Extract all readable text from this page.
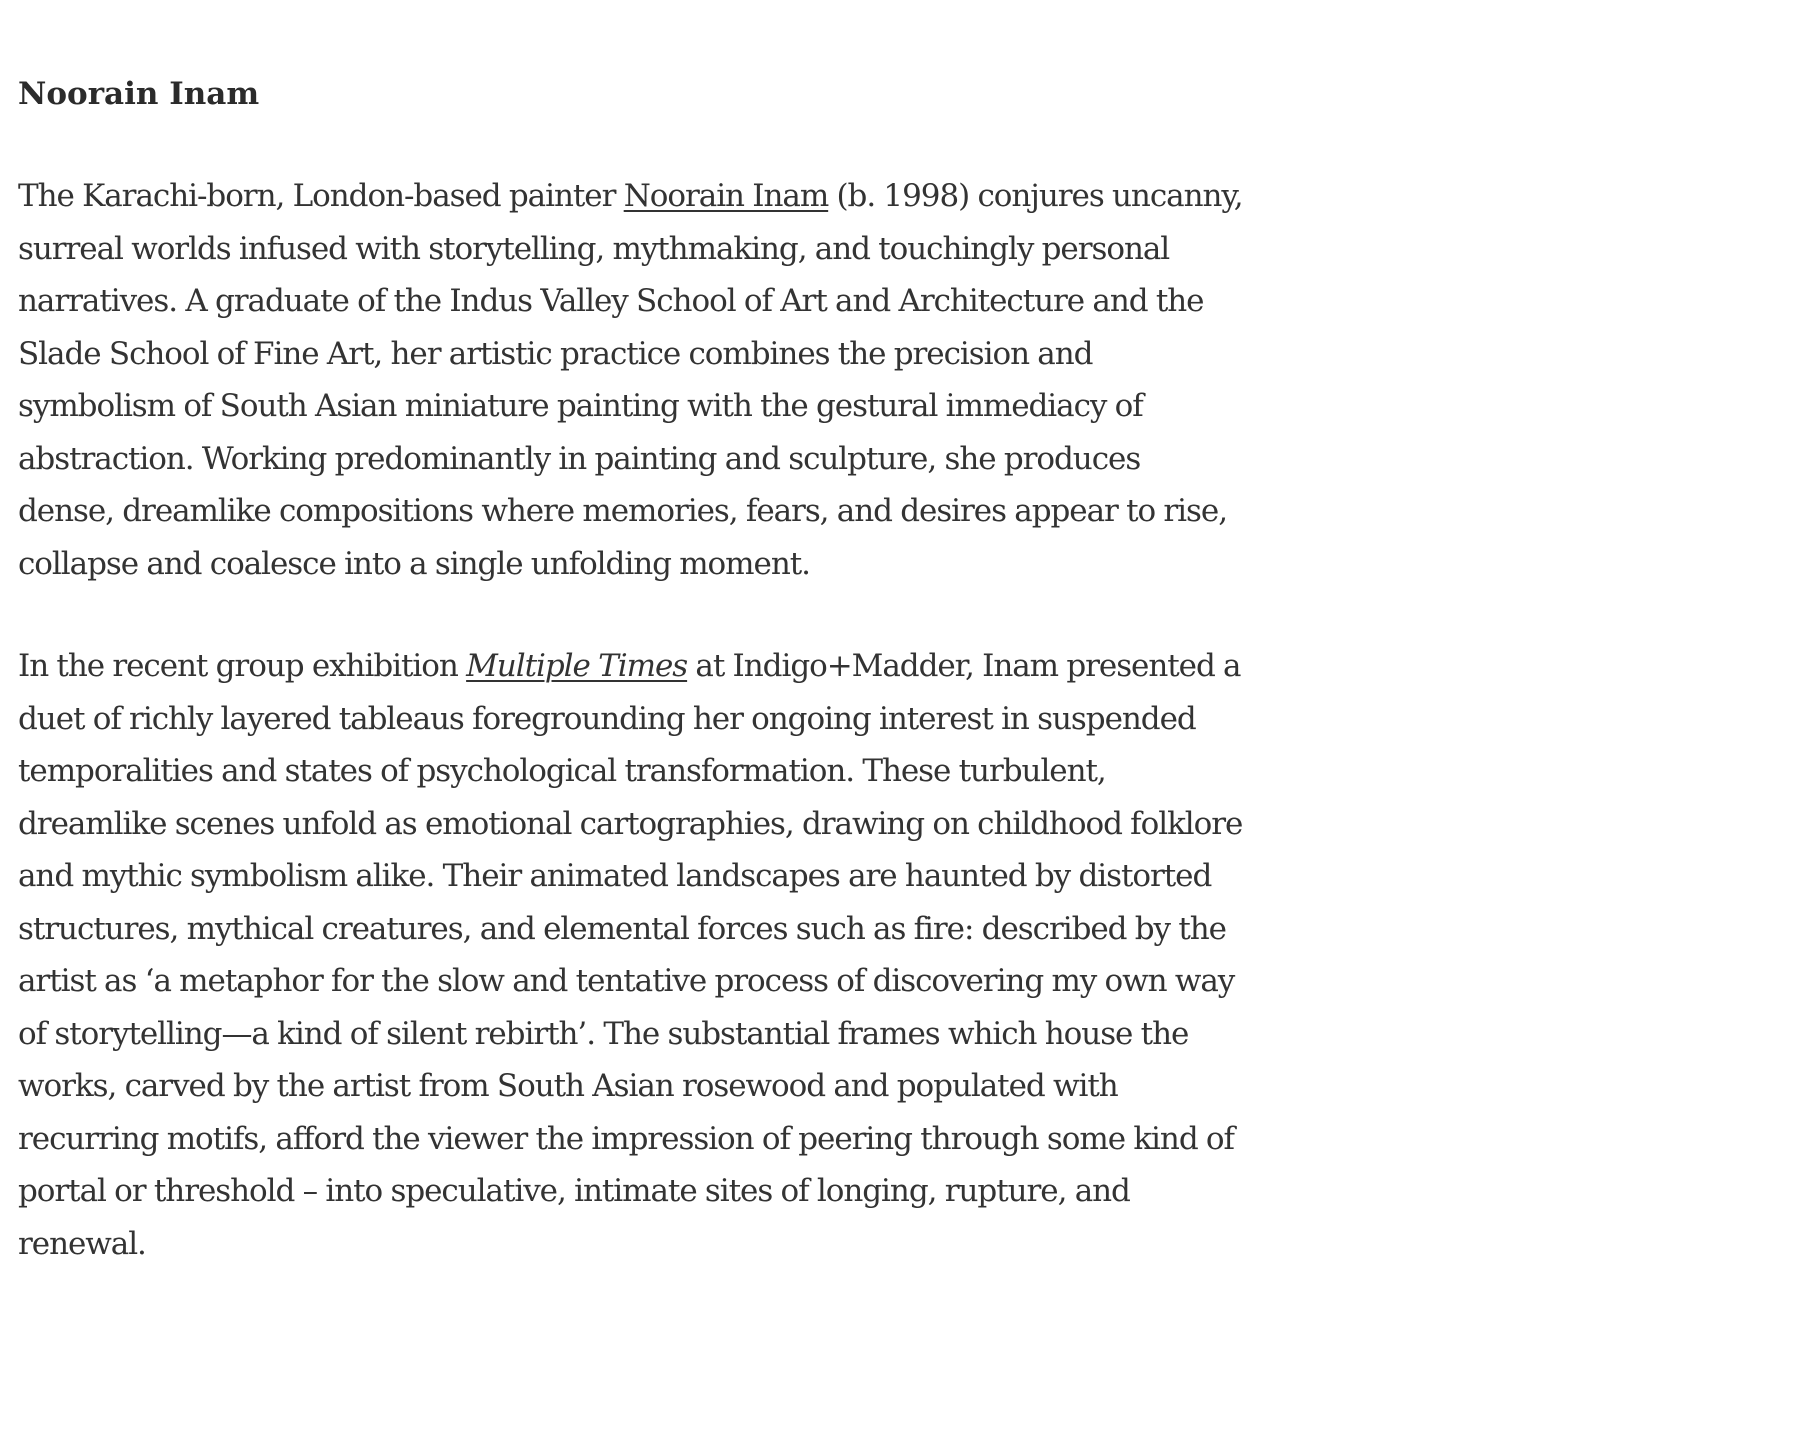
Noorain Inam

The Karachi-born, London-based painter Noorain Inam (b. 1998) conjures uncanny, surreal worlds infused with storytelling, mythmaking, and touchingly personal narratives. A graduate of the Indus Valley School of Art and Architecture and the Slade School of Fine Art, her artistic practice combines the precision and symbolism of South Asian miniature painting with the gestural immediacy of abstraction. Working predominantly in painting and sculpture, she produces dense, dreamlike compositions where memories, fears, and desires appear to rise, collapse and coalesce into a single unfolding moment.

In the recent group exhibition Multiple Times at Indigo+Madder, Inam presented a duet of richly layered tableaus foregrounding her ongoing interest in suspended temporalities and states of psychological transformation. These turbulent, dreamlike scenes unfold as emotional cartographies, drawing on childhood folklore and mythic symbolism alike. Their animated landscapes are haunted by distorted structures, mythical creatures, and elemental forces such as fire: described by the artist as ‘a metaphor for the slow and tentative process of discovering my own way of storytelling—a kind of silent rebirth’. The substantial frames which house the works, carved by the artist from South Asian rosewood and populated with recurring motifs, afford the viewer the impression of peering through some kind of portal or threshold – into speculative, intimate sites of longing, rupture, and renewal.
